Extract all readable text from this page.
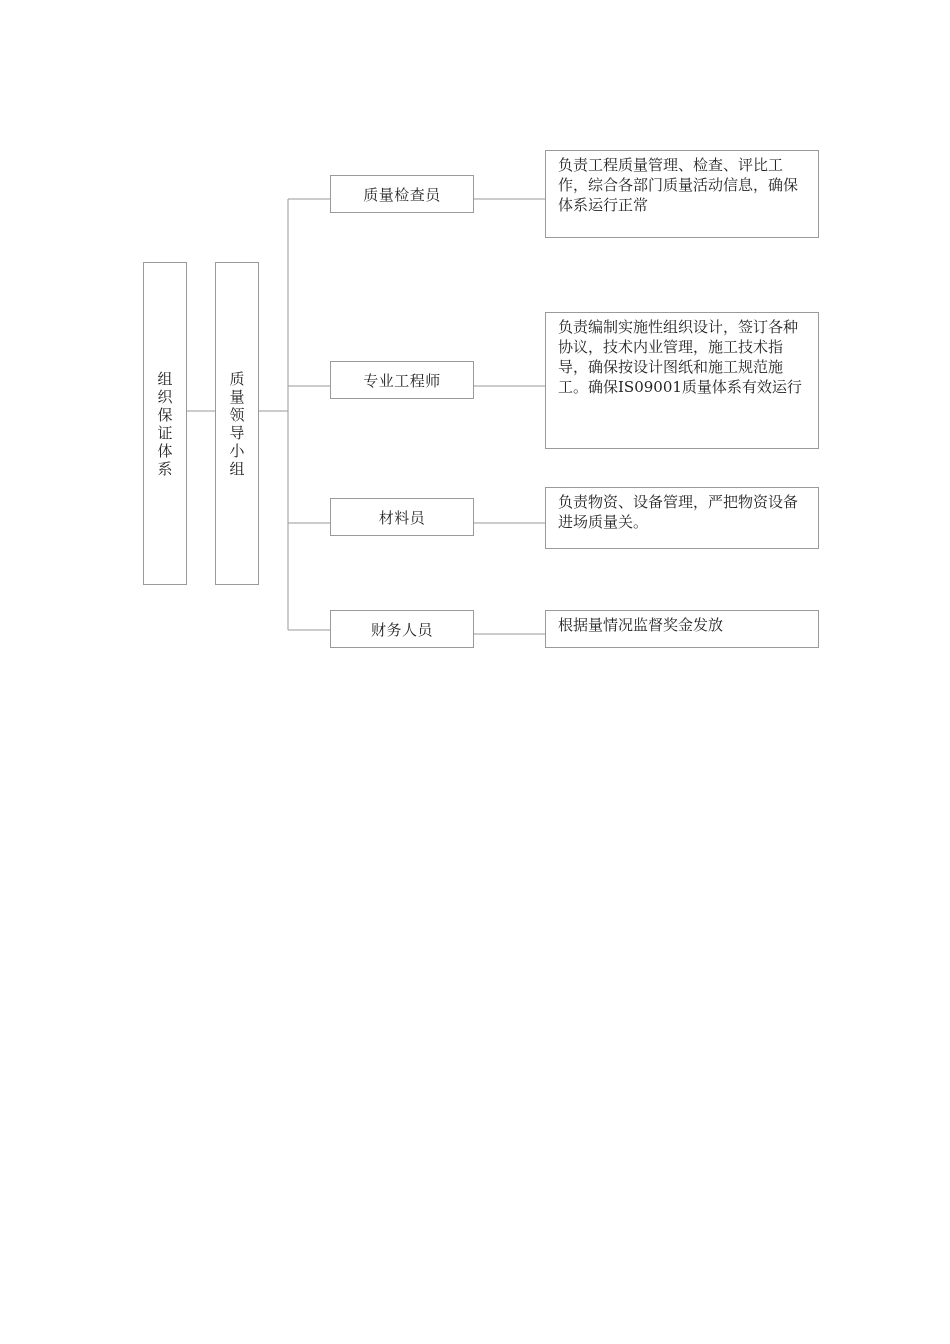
组织保证体系
质量领导小组
质量检查员
专业工程师
材料员
财务人员
负责工程质量管理、检查、评比工作，综合各部门质量活动信息，确保体系运行正常
负责编制实施性组织设计，签订各种协议，技术内业管理，施工技术指导，确保按设计图纸和施工规范施工。确保IS09001质量体系有效运行
负责物资、设备管理，严把物资设备进场质量关。
根据量情况监督奖金发放
